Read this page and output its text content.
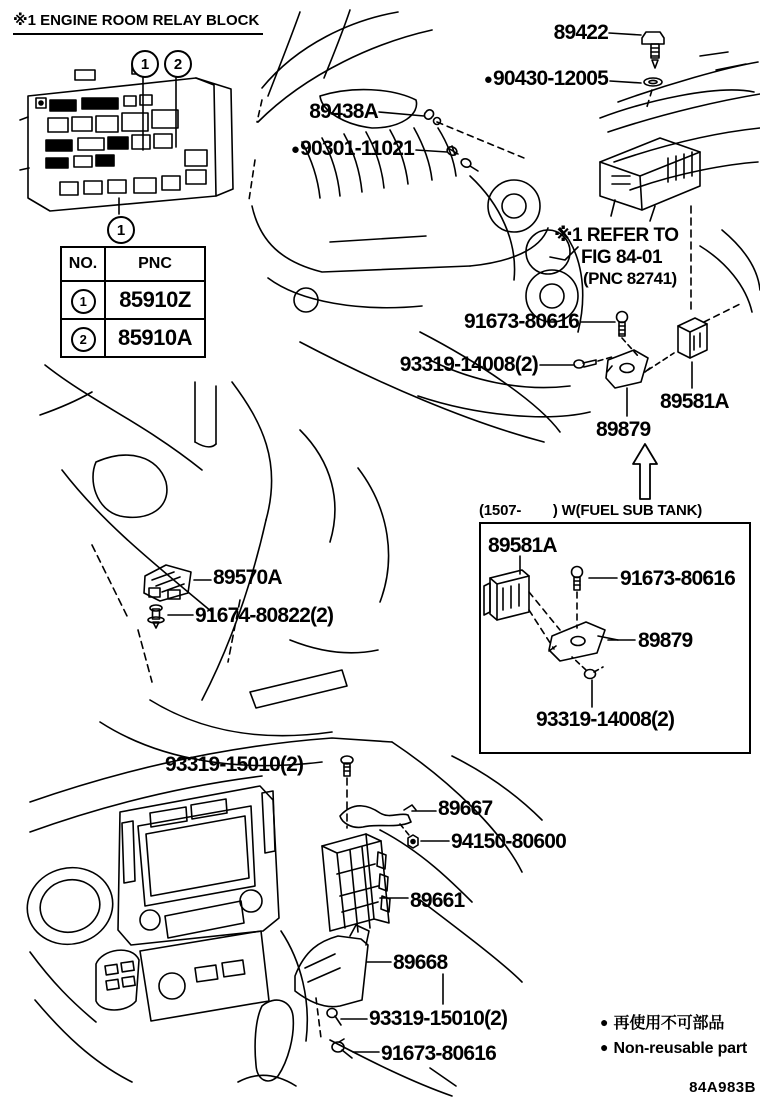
※1 ENGINE ROOM RELAY BLOCK
1	2
1
NO.	PNC
1	85910Z
2	85910A
89422
●90430-12005
89438A
●90301-11021
※1 REFER TO
FIG 84-01
(PNC 82741)
91673-80616
93319-14008(2)
89581A
89879
(1507-        ) W(FUEL SUB TANK)
89581A
91673-80616
89879
93319-14008(2)
89570A
91674-80822(2)
93319-15010(2)
89667
94150-80600
89661
89668
93319-15010(2)
91673-80616
● 再使用不可部品
● Non-reusable part
84A983B
